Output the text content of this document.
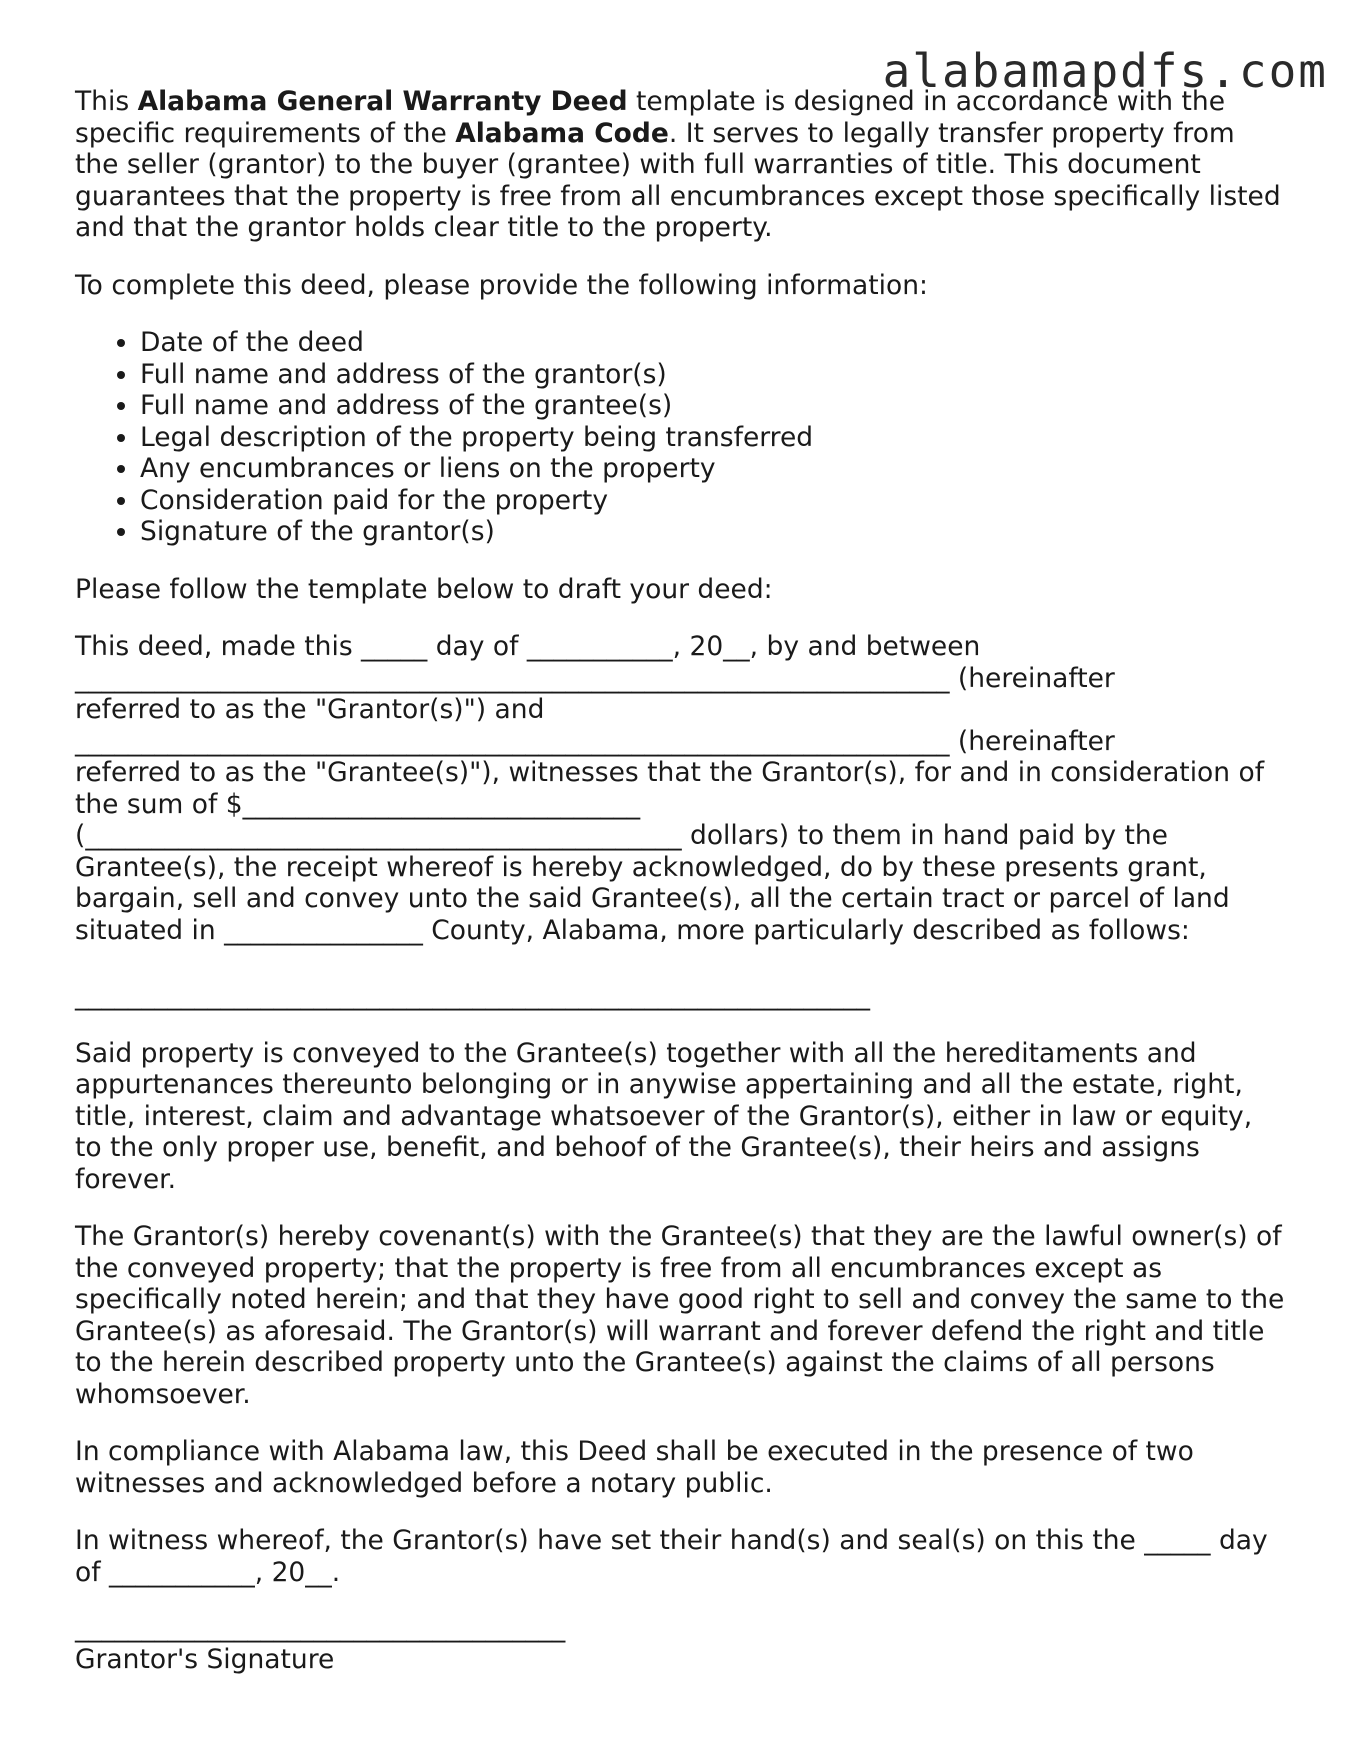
alabamapdfs.com

This Alabama General Warranty Deed template is designed in accordance with the specific requirements of the Alabama Code. It serves to legally transfer property from the seller (grantor) to the buyer (grantee) with full warranties of title. This document guarantees that the property is free from all encumbrances except those specifically listed and that the grantor holds clear title to the property.

To complete this deed, please provide the following information:

• Date of the deed
• Full name and address of the grantor(s)
• Full name and address of the grantee(s)
• Legal description of the property being transferred
• Any encumbrances or liens on the property
• Consideration paid for the property
• Signature of the grantor(s)

Please follow the template below to draft your deed:

This deed, made this _____ day of ___________, 20__, by and between
__________________________________________________________________ (hereinafter
referred to as the "Grantor(s)") and
__________________________________________________________________ (hereinafter
referred to as the "Grantee(s)"), witnesses that the Grantor(s), for and in consideration of
the sum of $______________________________
(_____________________________________________ dollars) to them in hand paid by the
Grantee(s), the receipt whereof is hereby acknowledged, do by these presents grant,
bargain, sell and convey unto the said Grantee(s), all the certain tract or parcel of land
situated in _______________ County, Alabama, more particularly described as follows:

____________________________________________________________

Said property is conveyed to the Grantee(s) together with all the hereditaments and appurtenances thereunto belonging or in anywise appertaining and all the estate, right, title, interest, claim and advantage whatsoever of the Grantor(s), either in law or equity, to the only proper use, benefit, and behoof of the Grantee(s), their heirs and assigns forever.

The Grantor(s) hereby covenant(s) with the Grantee(s) that they are the lawful owner(s) of the conveyed property; that the property is free from all encumbrances except as specifically noted herein; and that they have good right to sell and convey the same to the Grantee(s) as aforesaid. The Grantor(s) will warrant and forever defend the right and title to the herein described property unto the Grantee(s) against the claims of all persons whomsoever.

In compliance with Alabama law, this Deed shall be executed in the presence of two witnesses and acknowledged before a notary public.

In witness whereof, the Grantor(s) have set their hand(s) and seal(s) on this the _____ day of ___________, 20__.

_____________________________________
Grantor's Signature
